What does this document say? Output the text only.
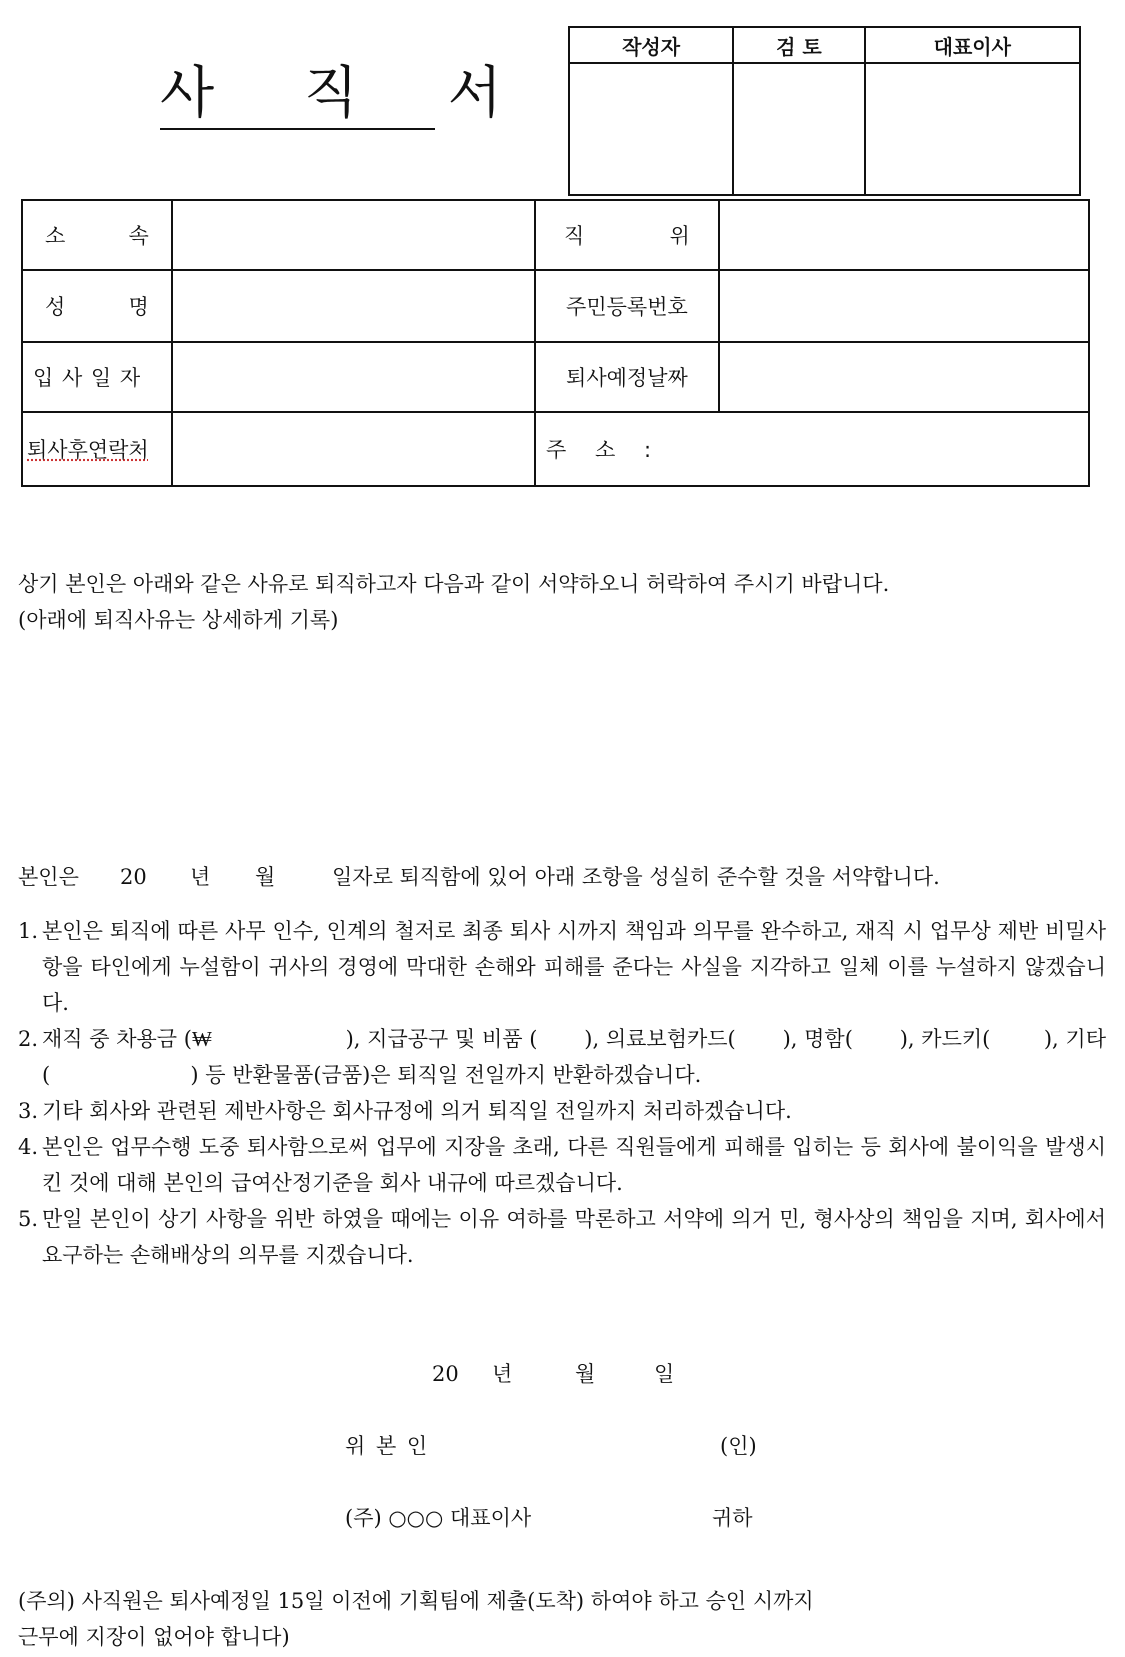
사 직 서
작성자	검 토	대표이사

소 속		직 위	

성 명		주민등록번호	
입 사 일 자		퇴사예정날짜	
퇴사후연락처		주 소 :	
상기 본인은 아래와 같은 사유로 퇴직하고자 다음과 같이 서약하오니 허락하여 주시기 바랍니다.
(아래에 퇴직사유는 상세하게 기록)
본인은 20 년 월	일자로 퇴직함에 있어 아래 조항을 성실히 준수할 것을 서약합니다.
1. 본인은 퇴직에 따른 사무 인수, 인계의 철저로 최종 퇴사 시까지 책임과 의무를 완수하고, 재직 시 업무상 제반 비밀사항을 타인에게 누설함이 귀사의 경영에 막대한 손해와 피해를 준다는 사실을 지각하고 일체 이를 누설하지 않겠습니다.
2. 재직 중 차용금 (₩                    ), 지급공구 및 비품 (       ), 의료보험카드(       ), 명함(       ), 카드키(        ), 기타 (                     ) 등 반환물품(금품)은 퇴직일 전일까지 반환하겠습니다.
3. 기타 회사와 관련된 제반사항은 회사규정에 의거 퇴직일 전일까지 처리하겠습니다.
4. 본인은 업무수행 도중 퇴사함으로써 업무에 지장을 초래, 다른 직원들에게 피해를 입히는 등 회사에 불이익을 발생시킨 것에 대해 본인의 급여산정기준을 회사 내규에 따르겠습니다.
5. 만일 본인이 상기 사항을 위반 하였을 때에는 이유 여하를 막론하고 서약에 의거 민, 형사상의 책임을 지며, 회사에서 요구하는 손해배상의 의무를 지겠습니다.
20 년	월	일
위 본 인	(인)
(주) ○○○ 대표이사	귀하
(주의) 사직원은 퇴사예정일 15일 이전에 기획팀에 제출(도착) 하여야 하고 승인 시까지
근무에 지장이 없어야 합니다)
